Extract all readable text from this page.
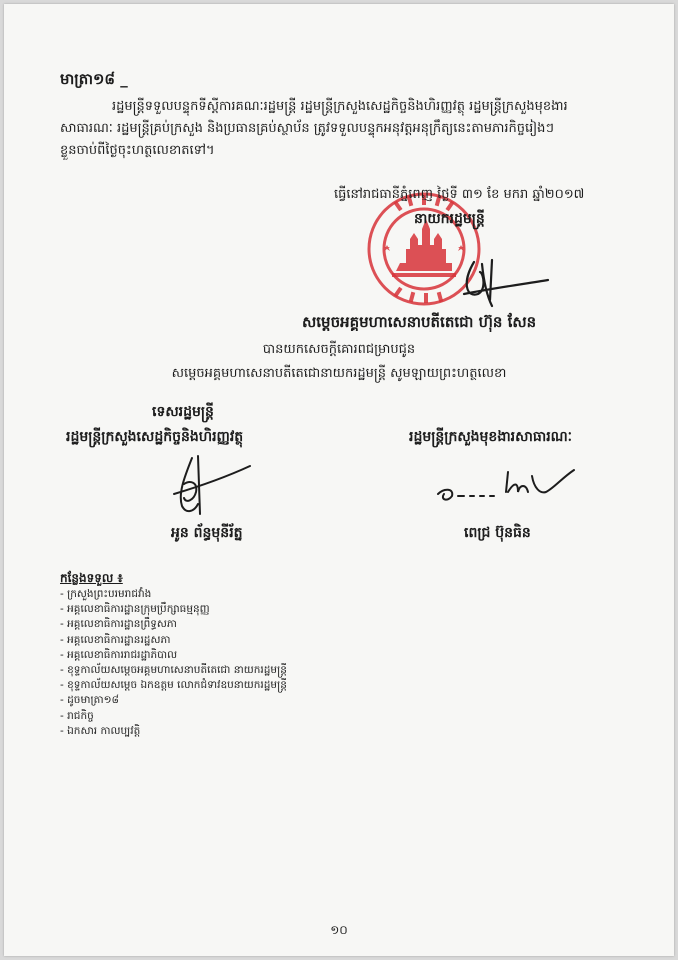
មាត្រា១៨ _
រដ្ឋមន្ត្រីទទួលបន្ទុកទីស្តីការគណៈរដ្ឋមន្ត្រី រដ្ឋមន្ត្រីក្រសួងសេដ្ឋកិច្ចនិងហិរញ្ញវត្ថុ រដ្ឋមន្ត្រីក្រសួងមុខងារ
សាធារណៈ រដ្ឋមន្ត្រីគ្រប់ក្រសួង និងប្រធានគ្រប់ស្ថាប័ន ត្រូវទទួលបន្ទុកអនុវត្តអនុក្រឹត្យនេះតាមភារកិច្ចរៀងៗ
ខ្លួនចាប់ពីថ្ងៃចុះហត្ថលេខាតទៅ។
ធ្វើនៅរាជធានីភ្នំពេញ ថ្ងៃទី ៣១ ខែ មករា ឆ្នាំ២០១៧
នាយករដ្ឋមន្ត្រី
សម្តេចអគ្គមហាសេនាបតីតេជោ ហ៊ុន សែន
បានយកសេចក្តីគោរពជម្រាបជូន
សម្តេចអគ្គមហាសេនាបតីតេជោនាយករដ្ឋមន្ត្រី សូមឡាយព្រះហត្ថលេខា
ទេសរដ្ឋមន្ត្រី
រដ្ឋមន្ត្រីក្រសួងសេដ្ឋកិច្ចនិងហិរញ្ញវត្ថុ	រដ្ឋមន្ត្រីក្រសួងមុខងារសាធារណៈ
អូន ព័ន្ធមុនីរ័ត្ន	ពេជ្រ ប៊ុនធិន
កន្លែងទទួល ៖
- ក្រសួងព្រះបរមរាជវាំង
- អគ្គលេខាធិការដ្ឋានក្រុមប្រឹក្សាធម្មនុញ្ញ
- អគ្គលេខាធិការដ្ឋានព្រឹទ្ធសភា
- អគ្គលេខាធិការដ្ឋានរដ្ឋសភា
- អគ្គលេខាធិការរាជរដ្ឋាភិបាល
- ខុទ្ទកាល័យសម្តេចអគ្គមហាសេនាបតីតេជោ នាយករដ្ឋមន្ត្រី
- ខុទ្ទកាល័យសម្តេច ឯកឧត្តម លោកជំទាវឧបនាយករដ្ឋមន្ត្រី
- ដូចមាត្រា១៨
- រាជកិច្ច
- ឯកសារ កាលប្បវត្តិ
១០
